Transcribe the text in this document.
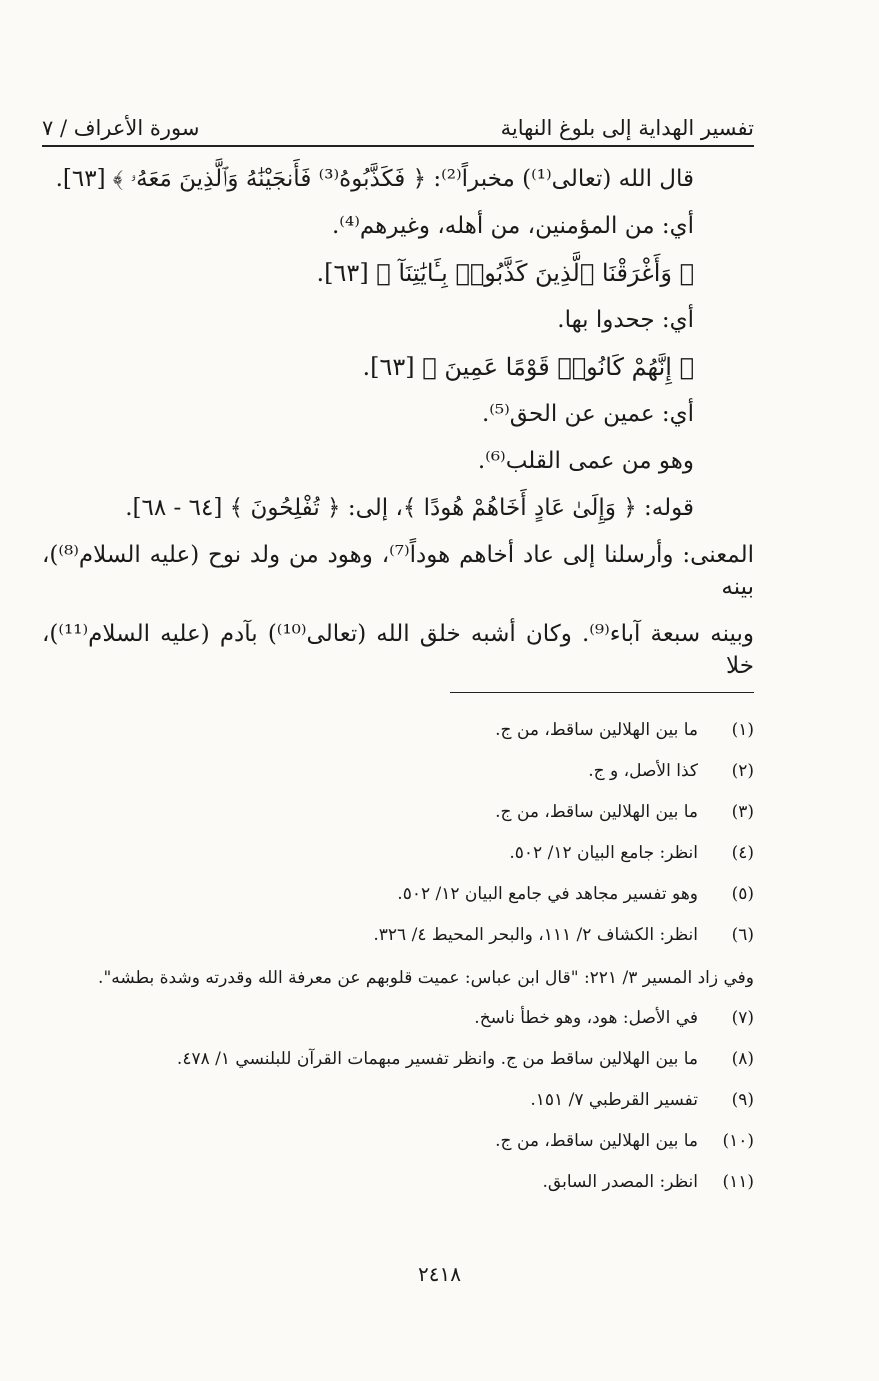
سورة الأعراف / ٧	تفسير الهداية إلى بلوغ النهاية
قال الله (تعالى⁽¹⁾) مخبراً⁽²⁾: ﴿ فَكَذَّبُوهُ⁽³⁾ فَأَنجَيْنَٰهُ وَٱلَّذِينَ مَعَهُۥ ﴾ [٦٣].
أي: من المؤمنين، من أهله، وغيرهم⁽⁴⁾.
﴿ وَأَغْرَقْنَا ٱلَّذِينَ كَذَّبُوا۟ بِـَٔايَٰتِنَآ ﴾ [٦٣].
أي: جحدوا بها.
﴿ إِنَّهُمْ كَانُوا۟ قَوْمًا عَمِينَ ﴾ [٦٣].
أي: عمين عن الحق⁽⁵⁾.
وهو من عمى القلب⁽⁶⁾.
قوله: ﴿ وَإِلَىٰ عَادٍ أَخَاهُمْ هُودًا ﴾، إلى: ﴿ تُفْلِحُونَ ﴾ [٦٤ - ٦٨].
المعنى: وأرسلنا إلى عاد أخاهم هوداً⁽⁷⁾، وهود من ولد نوح (عليه السلام⁽⁸⁾)، بينه
وبينه سبعة آباء⁽⁹⁾. وكان أشبه خلق الله (تعالى⁽¹⁰⁾) بآدم (عليه السلام⁽¹¹⁾)، خلا
(١)
ما بين الهلالين ساقط، من ج.
(٢)
كذا الأصل، و ج.
(٣)
ما بين الهلالين ساقط، من ج.
(٤)
انظر: جامع البيان ١٢/ ٥٠٢.
(٥)
وهو تفسير مجاهد في جامع البيان ١٢/ ٥٠٢.
(٦)
انظر: الكشاف ٢/ ١١١، والبحر المحيط ٤/ ٣٢٦.
وفي زاد المسير ٣/ ٢٢١: "قال ابن عباس: عميت قلوبهم عن معرفة الله وقدرته وشدة بطشه".
(٧)
في الأصل: هود، وهو خطأ ناسخ.
(٨)
ما بين الهلالين ساقط من ج. وانظر تفسير مبهمات القرآن للبلنسي ١/ ٤٧٨.
(٩)
تفسير القرطبي ٧/ ١٥١.
(١٠)
ما بين الهلالين ساقط، من ج.
(١١)
انظر: المصدر السابق.
٢٤١٨
